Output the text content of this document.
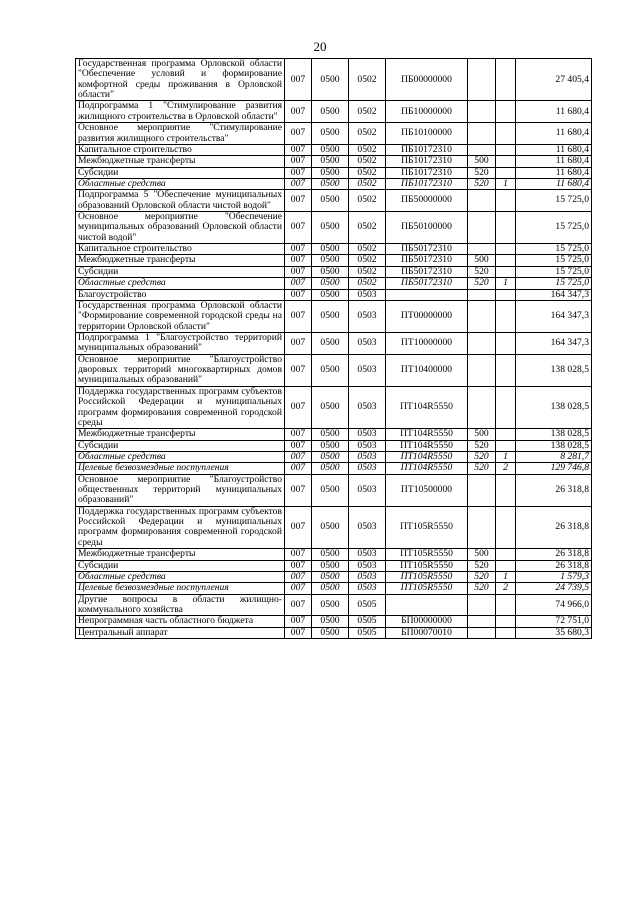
20
Государственная программа Орловской области "Обеспечение условий и формирование комфортной среды проживания в Орловской области"	007	0500	0502	ПБ00000000			27 405,4
Подпрограмма 1 "Стимулирование развития жилищного строительства в Орловской области"	007	0500	0502	ПБ10000000			11 680,4
Основное мероприятие "Стимулирование развития жилищного строительства"	007	0500	0502	ПБ10100000			11 680,4
Капитальное строительство	007	0500	0502	ПБ10172310			11 680,4
Межбюджетные трансферты	007	0500	0502	ПБ10172310	500		11 680,4
Субсидии	007	0500	0502	ПБ10172310	520		11 680,4
Областные средства	007	0500	0502	ПБ10172310	520	1	11 680,4
Подпрограмма 5 "Обеспечение муниципальных образований Орловской области чистой водой"	007	0500	0502	ПБ50000000			15 725,0
Основное мероприятие "Обеспечение муниципальных образований Орловской области чистой водой"	007	0500	0502	ПБ50100000			15 725,0
Капитальное строительство	007	0500	0502	ПБ50172310			15 725,0
Межбюджетные трансферты	007	0500	0502	ПБ50172310	500		15 725,0
Субсидии	007	0500	0502	ПБ50172310	520		15 725,0
Областные средства	007	0500	0502	ПБ50172310	520	1	15 725,0
Благоустройство	007	0500	0503				164 347,3
Государственная программа Орловской области "Формирование современной городской среды на территории Орловской области"	007	0500	0503	ПТ00000000			164 347,3
Подпрограмма 1 "Благоустройство территорий муниципальных образований"	007	0500	0503	ПТ10000000			164 347,3
Основное мероприятие "Благоустройство дворовых территорий многоквартирных домов муниципальных образований"	007	0500	0503	ПТ10400000			138 028,5
Поддержка государственных программ субъектов Российской Федерации и муниципальных программ формирования современной городской среды	007	0500	0503	ПТ104R5550			138 028,5
Межбюджетные трансферты	007	0500	0503	ПТ104R5550	500		138 028,5
Субсидии	007	0500	0503	ПТ104R5550	520		138 028,5
Областные средства	007	0500	0503	ПТ104R5550	520	1	8 281,7
Целевые безвозмездные поступления	007	0500	0503	ПТ104R5550	520	2	129 746,8
Основное мероприятие "Благоустройство общественных территорий муниципальных образований"	007	0500	0503	ПТ10500000			26 318,8
Поддержка государственных программ субъектов Российской Федерации и муниципальных программ формирования современной городской среды	007	0500	0503	ПТ105R5550			26 318,8
Межбюджетные трансферты	007	0500	0503	ПТ105R5550	500		26 318,8
Субсидии	007	0500	0503	ПТ105R5550	520		26 318,8
Областные средства	007	0500	0503	ПТ105R5550	520	1	1 579,3
Целевые безвозмездные поступления	007	0500	0503	ПТ105R5550	520	2	24 739,5
Другие вопросы в области жилищно-коммунального хозяйства	007	0500	0505				74 966,0
Непрограммная часть областного бюджета	007	0500	0505	БП00000000			72 751,0
Центральный аппарат	007	0500	0505	БП00070010			35 680,3
